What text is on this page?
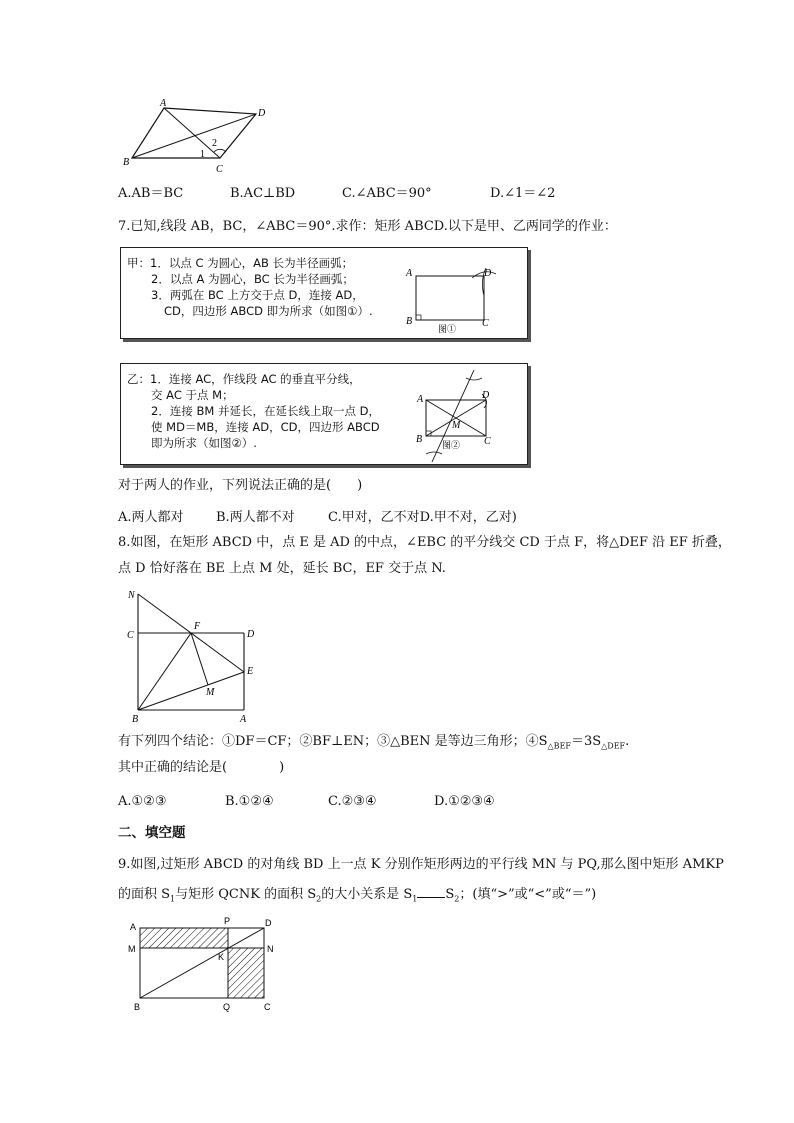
A
D
B
C
1
2
A.AB＝BC	B.AC⊥BD	C.∠ABC＝90°	D.∠1＝∠2
7.已知,线段 AB，BC，∠ABC＝90°.求作：矩形 ABCD.以下是甲、乙两同学的作业：
甲：1．以点 C 为圆心，AB 长为半径画弧；
2．以点 A 为圆心，BC 长为半径画弧；
3．两弧在 BC 上方交于点 D，连接 AD，
CD，四边形 ABCD 即为所求（如图①）.
A	D
B	C
图①
乙：1．连接 AC，作线段 AC 的垂直平分线，
交 AC 于点 M；
2．连接 BM 并延长，在延长线上取一点 D，
使 MD＝MB，连接 AD，CD，四边形 ABCD
即为所求（如图②）.
A	D
B	C
M
图②
对于两人的作业，下列说法正确的是(　　)
A.两人都对 B.两人都不对	C.甲对，乙不对D.甲不对，乙对)
8.如图，在矩形 ABCD 中，点 E 是 AD 的中点，∠EBC 的平分线交 CD 于点 F，将△DEF 沿 EF 折叠，
点 D 恰好落在 BE 上点 M 处，延长 BC，EF 交于点 N.
N
C
F
D
E
M
B	A
有下列四个结论：①DF＝CF；②BF⊥EN；③△BEN 是等边三角形；$④S_{\triangle BEF}=3S_{\triangle DEF}$.
其中正确的结论是(　　　　)
A.①②③	B.①②④	C.②③④	D.①②③④
二、填空题
9.如图,过矩形 ABCD 的对角线 BD 上一点 K 分别作矩形两边的平行线 MN 与 PQ,那么图中矩形 AMKP
的面积 $S_1$与矩形 QCNK 的面积 $S_2$的大小关系是 $S_1$ $S_2$；(填“>”或“<”或“＝”)
A
P	D
M	N
K
B	Q	C
